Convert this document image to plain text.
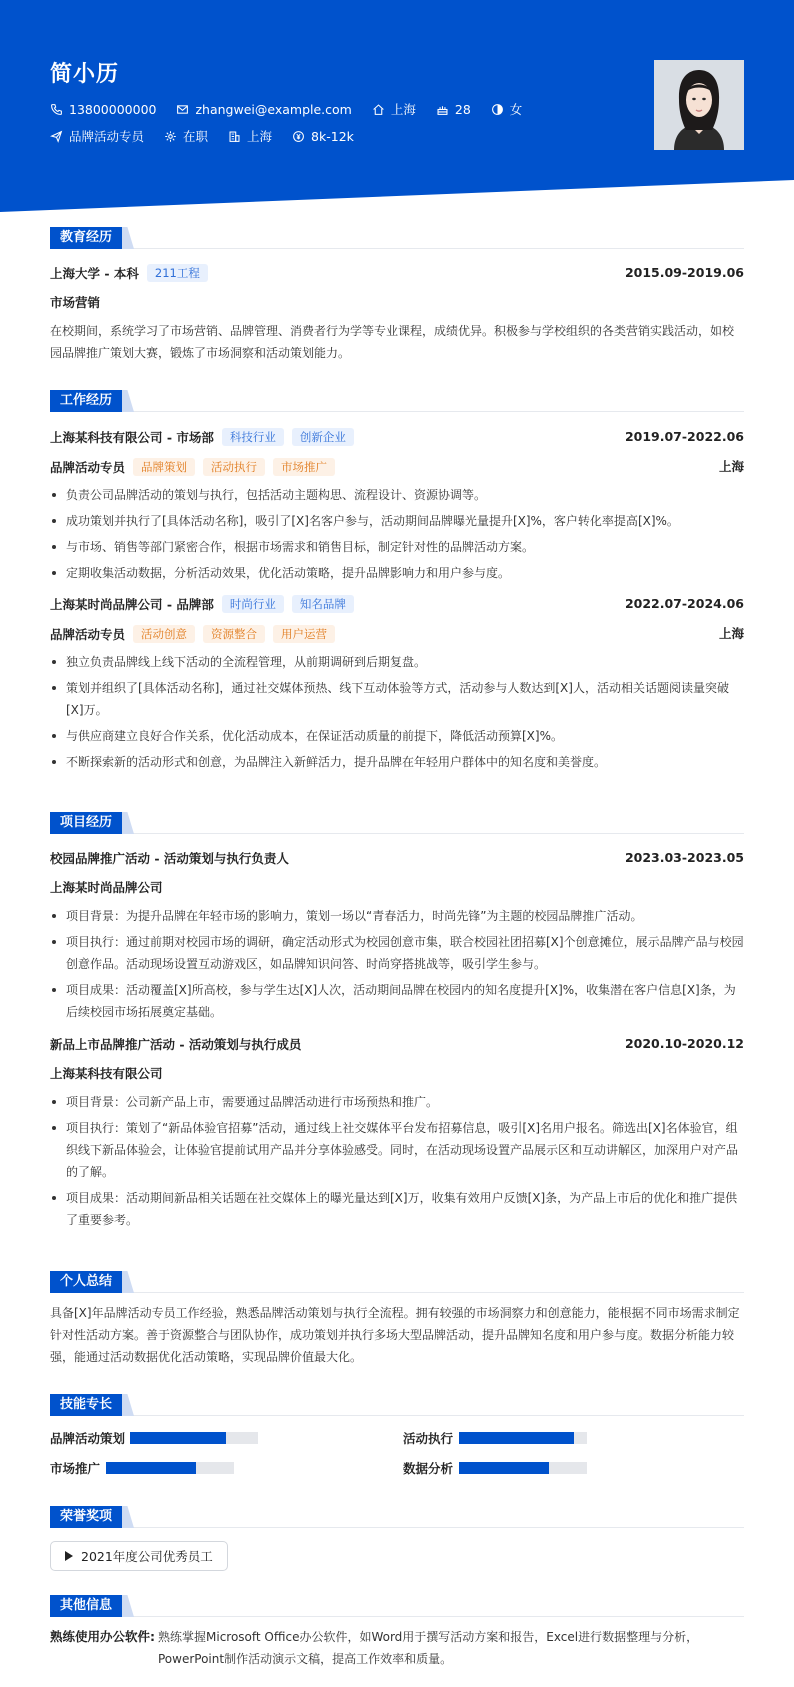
简小历
13800000000	zhangwei@example.com	上海	28	女
品牌活动专员	在职	上海	8k-12k
教育经历
上海大学 - 本科	211工程	2015.09-2019.06
市场营销
在校期间，系统学习了市场营销、品牌管理、消费者行为学等专业课程，成绩优异。积极参与学校组织的各类营销实践活动，如校园品牌推广策划大赛，锻炼了市场洞察和活动策划能力。
工作经历
上海某科技有限公司 - 市场部	科技行业	创新企业	2019.07-2022.06
品牌活动专员	品牌策划	活动执行	市场推广	上海
负责公司品牌活动的策划与执行，包括活动主题构思、流程设计、资源协调等。
成功策划并执行了[具体活动名称]，吸引了[X]名客户参与，活动期间品牌曝光量提升[X]%，客户转化率提高[X]%。
与市场、销售等部门紧密合作，根据市场需求和销售目标，制定针对性的品牌活动方案。
定期收集活动数据，分析活动效果，优化活动策略，提升品牌影响力和用户参与度。
上海某时尚品牌公司 - 品牌部	时尚行业	知名品牌	2022.07-2024.06
品牌活动专员	活动创意	资源整合	用户运营	上海
独立负责品牌线上线下活动的全流程管理，从前期调研到后期复盘。
策划并组织了[具体活动名称]，通过社交媒体预热、线下互动体验等方式，活动参与人数达到[X]人，活动相关话题阅读量突破[X]万。
与供应商建立良好合作关系，优化活动成本，在保证活动质量的前提下，降低活动预算[X]%。
不断探索新的活动形式和创意，为品牌注入新鲜活力，提升品牌在年轻用户群体中的知名度和美誉度。
项目经历
校园品牌推广活动 - 活动策划与执行负责人	2023.03-2023.05
上海某时尚品牌公司
项目背景：为提升品牌在年轻市场的影响力，策划一场以“青春活力，时尚先锋”为主题的校园品牌推广活动。
项目执行：通过前期对校园市场的调研，确定活动形式为校园创意市集，联合校园社团招募[X]个创意摊位，展示品牌产品与校园创意作品。活动现场设置互动游戏区，如品牌知识问答、时尚穿搭挑战等，吸引学生参与。
项目成果：活动覆盖[X]所高校，参与学生达[X]人次，活动期间品牌在校园内的知名度提升[X]%，收集潜在客户信息[X]条，为后续校园市场拓展奠定基础。
新品上市品牌推广活动 - 活动策划与执行成员	2020.10-2020.12
上海某科技有限公司
项目背景：公司新产品上市，需要通过品牌活动进行市场预热和推广。
项目执行：策划了“新品体验官招募”活动，通过线上社交媒体平台发布招募信息，吸引[X]名用户报名。筛选出[X]名体验官，组织线下新品体验会，让体验官提前试用产品并分享体验感受。同时，在活动现场设置产品展示区和互动讲解区，加深用户对产品的了解。
项目成果：活动期间新品相关话题在社交媒体上的曝光量达到[X]万，收集有效用户反馈[X]条，为产品上市后的优化和推广提供了重要参考。
个人总结
具备[X]年品牌活动专员工作经验，熟悉品牌活动策划与执行全流程。拥有较强的市场洞察力和创意能力，能根据不同市场需求制定针对性活动方案。善于资源整合与团队协作，成功策划并执行多场大型品牌活动，提升品牌知名度和用户参与度。数据分析能力较强，能通过活动数据优化活动策略，实现品牌价值最大化。
技能专长
品牌活动策划	活动执行
市场推广	数据分析
荣誉奖项
2021年度公司优秀员工
其他信息
熟练使用办公软件: 熟练掌握Microsoft Office办公软件，如Word用于撰写活动方案和报告，Excel进行数据整理与分析，PowerPoint制作活动演示文稿，提高工作效率和质量。
